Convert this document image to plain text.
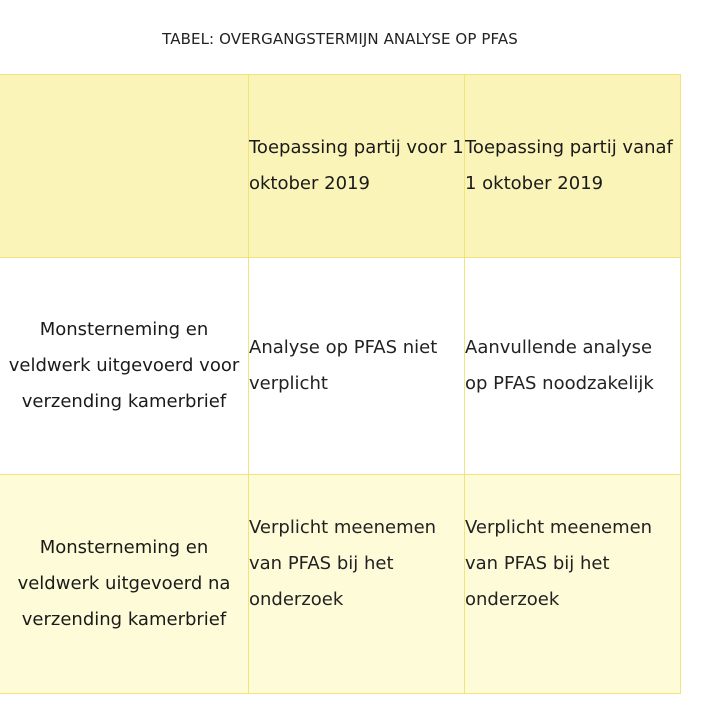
TABEL: OVERGANGSTERMIJN ANALYSE OP PFAS
	Toepassing partij voor 1 oktober 2019	Toepassing partij vanaf 1 oktober 2019
Monsterneming en veldwerk uitgevoerd voor verzending kamerbrief	Analyse op PFAS niet verplicht	Aanvullende analyse op PFAS noodzakelijk
Monsterneming en veldwerk uitgevoerd na verzending kamerbrief	Verplicht meenemen van PFAS bij het onderzoek	Verplicht meenemen van PFAS bij het onderzoek
